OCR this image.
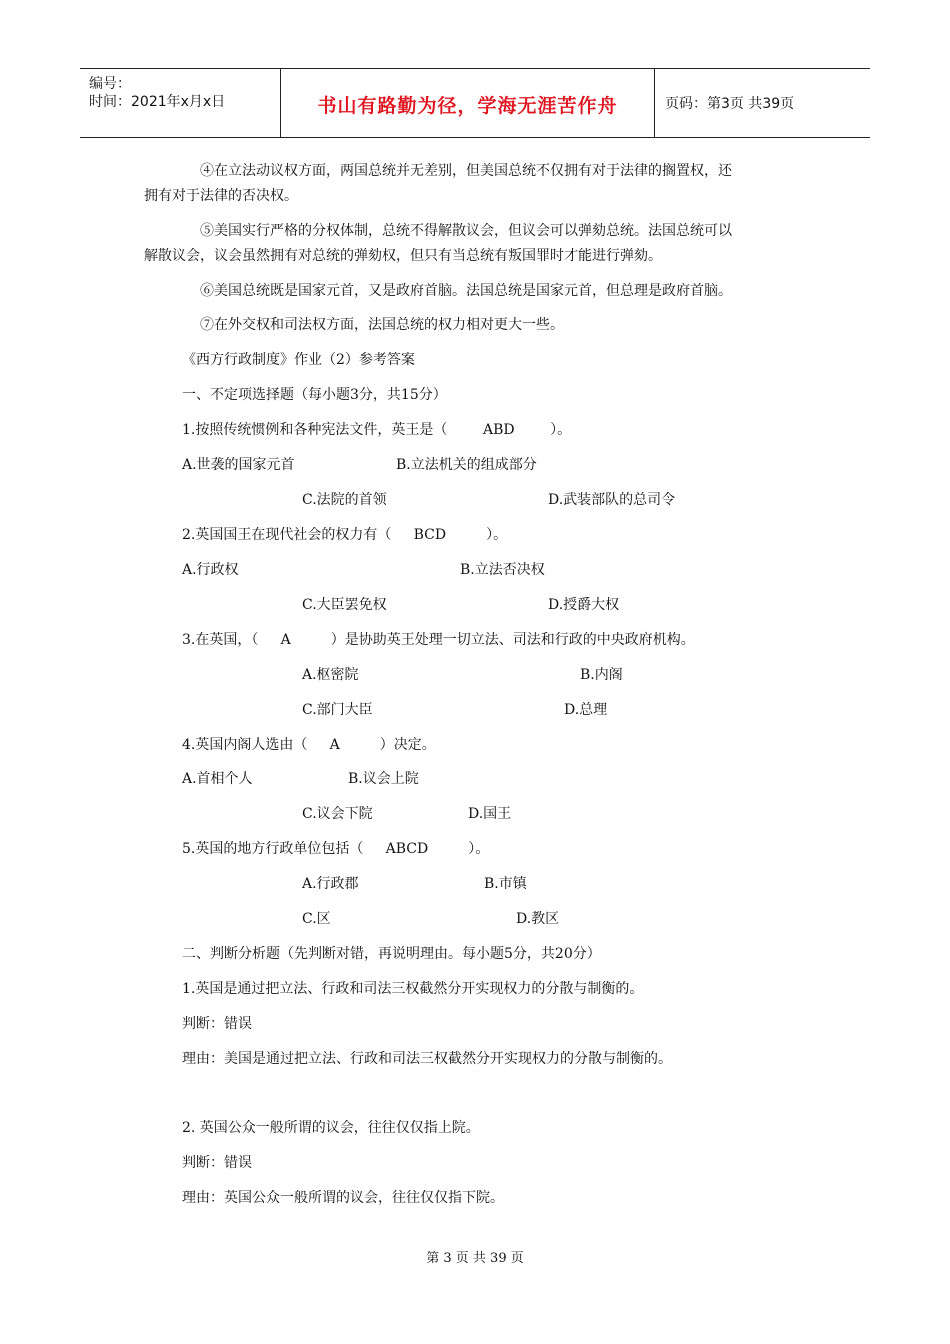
编号：
时间：2021年x月x日	书山有路勤为径，学海无涯苦作舟	页码：第3页 共39页
④在立法动议权方面，两国总统并无差别，但美国总统不仅拥有对于法律的搁置权，还
拥有对于法律的否决权。
⑤美国实行严格的分权体制，总统不得解散议会，但议会可以弹劾总统。法国总统可以
解散议会，议会虽然拥有对总统的弹劾权，但只有当总统有叛国罪时才能进行弹劾。
⑥美国总统既是国家元首，又是政府首脑。法国总统是国家元首，但总理是政府首脑。
⑦在外交权和司法权方面，法国总统的权力相对更大一些。
《西方行政制度》作业（2）参考答案
一、不定项选择题（每小题3分，共15分）
1.按照传统惯例和各种宪法文件，英王是（        ABD        ）。
A.世袭的国家元首	B.立法机关的组成部分
C.法院的首领	D.武装部队的总司令
2.英国国王在现代社会的权力有（     BCD         ）。
A.行政权	B.立法否决权
C.大臣罢免权	D.授爵大权
3.在英国，（     A         ）是协助英王处理一切立法、司法和行政的中央政府机构。
A.枢密院	B.内阁
C.部门大臣	D.总理
4.英国内阁人选由（     A         ）决定。
A.首相个人	B.议会上院
C.议会下院	D.国王
5.英国的地方行政单位包括（     ABCD         ）。
A.行政郡	B.市镇
C.区	D.教区
二、判断分析题（先判断对错，再说明理由。每小题5分，共20分）
1.英国是通过把立法、行政和司法三权截然分开实现权力的分散与制衡的。
判断：错误
理由：美国是通过把立法、行政和司法三权截然分开实现权力的分散与制衡的。
2. 英国公众一般所谓的议会，往往仅仅指上院。
判断：错误
理由：英国公众一般所谓的议会，往往仅仅指下院。
第 3 页 共 39 页
